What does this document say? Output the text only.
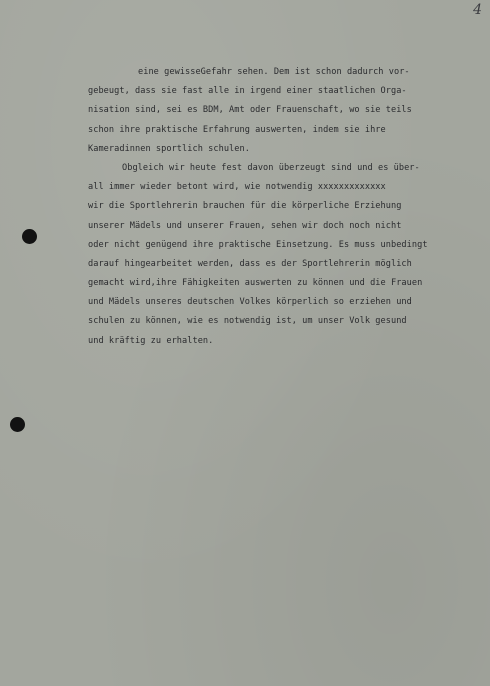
4
eine gewisseGefahr sehen. Dem ist schon dadurch vor-
gebeugt, dass sie fast alle in irgend einer staatlichen Orga-
nisation sind, sei es BDM, Amt oder Frauenschaft, wo sie teils
schon ihre praktische Erfahrung auswerten, indem sie ihre
Kameradinnen sportlich schulen.
Obgleich wir heute fest davon überzeugt sind und es über-
all immer wieder betont wird, wie notwendig xxxxxxxxxxxxx
wir die Sportlehrerin brauchen für die körperliche Erziehung
unserer Mädels und unserer Frauen, sehen wir doch noch nicht
oder nicht genügend ihre praktische Einsetzung. Es muss unbedingt
darauf hingearbeitet werden, dass es der Sportlehrerin möglich
gemacht wird,ihre Fähigkeiten auswerten zu können und die Frauen
und Mädels unseres deutschen Volkes körperlich so erziehen und
schulen zu können, wie es notwendig ist, um unser Volk gesund
und kräftig zu erhalten.
